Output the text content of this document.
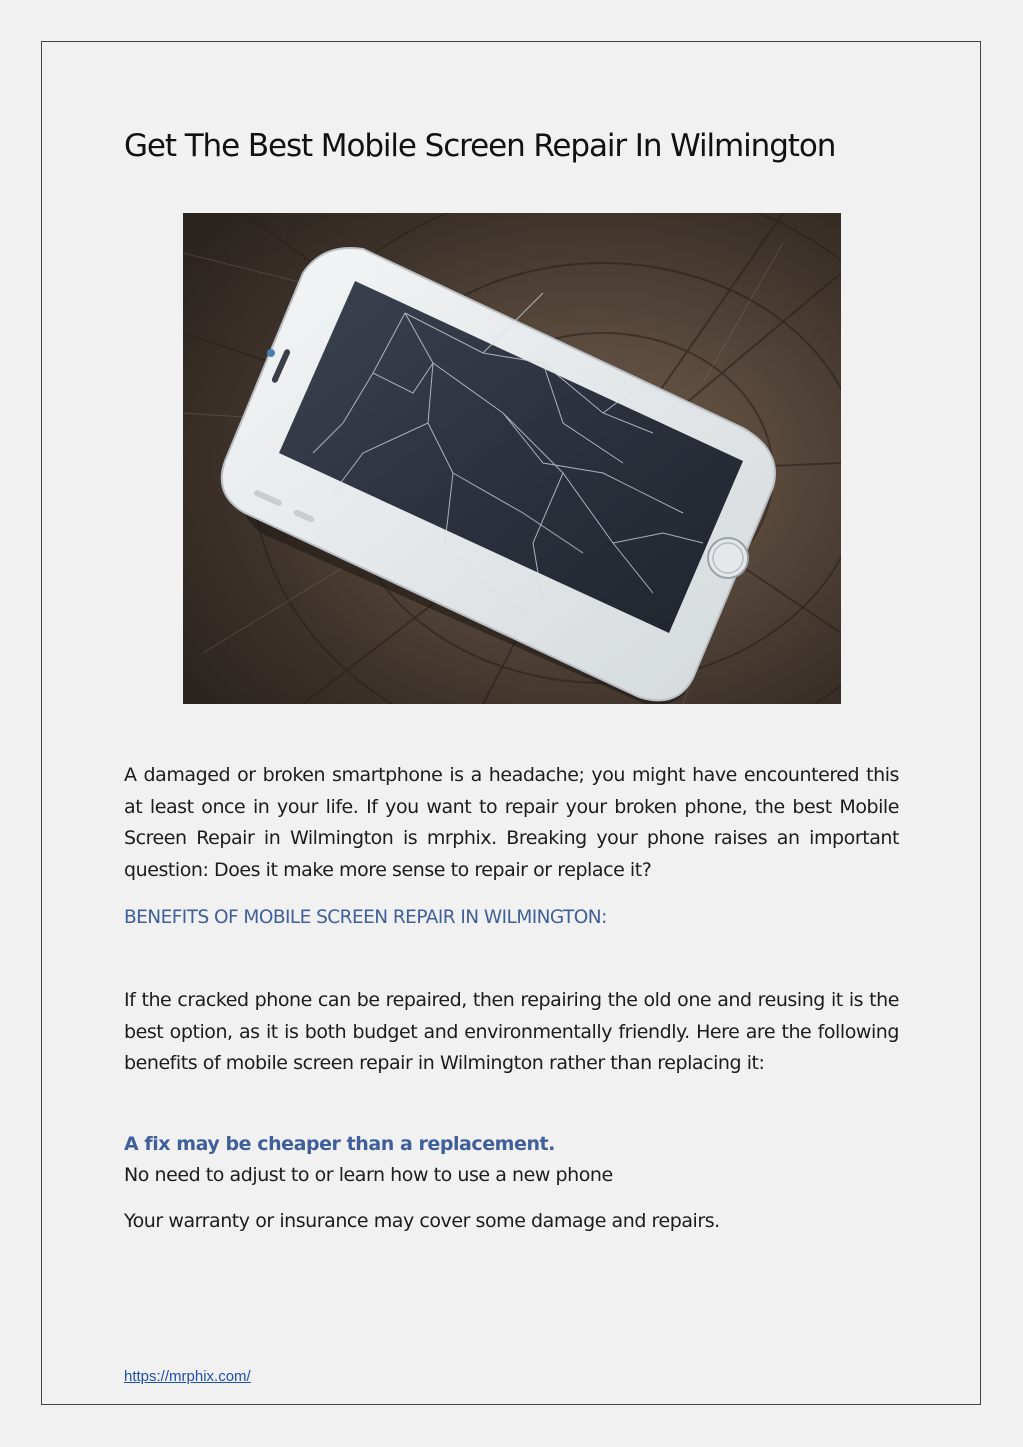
Get The Best Mobile Screen Repair In Wilmington

A damaged or broken smartphone is a headache; you might have encountered this at least once in your life. If you want to repair your broken phone, the best Mobile Screen Repair in Wilmington is mrphix. Breaking your phone raises an important question: Does it make more sense to repair or replace it?

BENEFITS OF MOBILE SCREEN REPAIR IN WILMINGTON:

If the cracked phone can be repaired, then repairing the old one and reusing it is the best option, as it is both budget and environmentally friendly. Here are the following benefits of mobile screen repair in Wilmington rather than replacing it:

A fix may be cheaper than a replacement.

No need to adjust to or learn how to use a new phone

Your warranty or insurance may cover some damage and repairs.

https://mrphix.com/
